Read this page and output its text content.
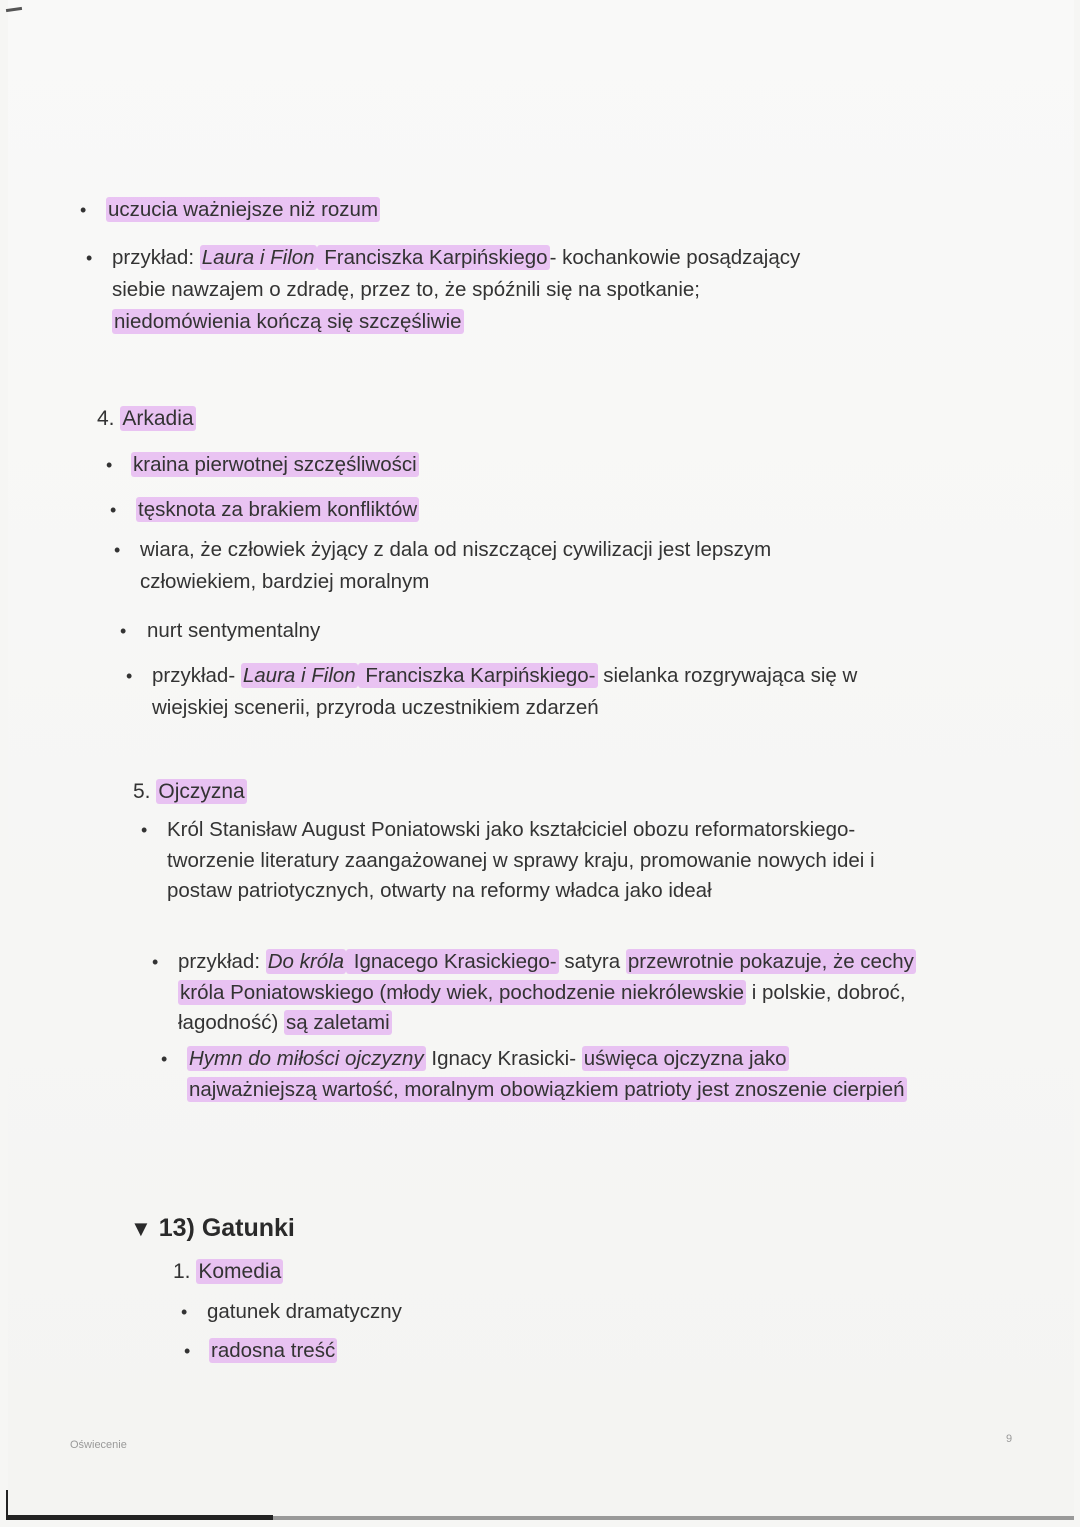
• uczucia ważniejsze niż rozum
• przykład: Laura i Filon Franciszka Karpińskiego- kochankowie posądzający siebie nawzajem o zdradę, przez to, że spóźnili się na spotkanie; niedomówienia kończą się szczęśliwie
4. Arkadia
• kraina pierwotnej szczęśliwości
• tęsknota za brakiem konfliktów
• wiara, że człowiek żyjący z dala od niszczącej cywilizacji jest lepszym człowiekiem, bardziej moralnym
• nurt sentymentalny
• przykład- Laura i Filon Franciszka Karpińskiego- sielanka rozgrywająca się w wiejskiej scenerii, przyroda uczestnikiem zdarzeń
5. Ojczyzna
• Król Stanisław August Poniatowski jako kształciciel obozu reformatorskiego- tworzenie literatury zaangażowanej w sprawy kraju, promowanie nowych idei i postaw patriotycznych, otwarty na reformy władca jako ideał
• przykład: Do króla Ignacego Krasickiego- satyra przewrotnie pokazuje, że cechy króla Poniatowskiego (młody wiek, pochodzenie niekrólewskie i polskie, dobroć, łagodność) są zaletami
• Hymn do miłości ojczyzny Ignacy Krasicki- uświęca ojczyzna jako najważniejszą wartość, moralnym obowiązkiem patrioty jest znoszenie cierpień
▼ 13) Gatunki
1. Komedia
• gatunek dramatyczny
• radosna treść
Oświecenie	9
